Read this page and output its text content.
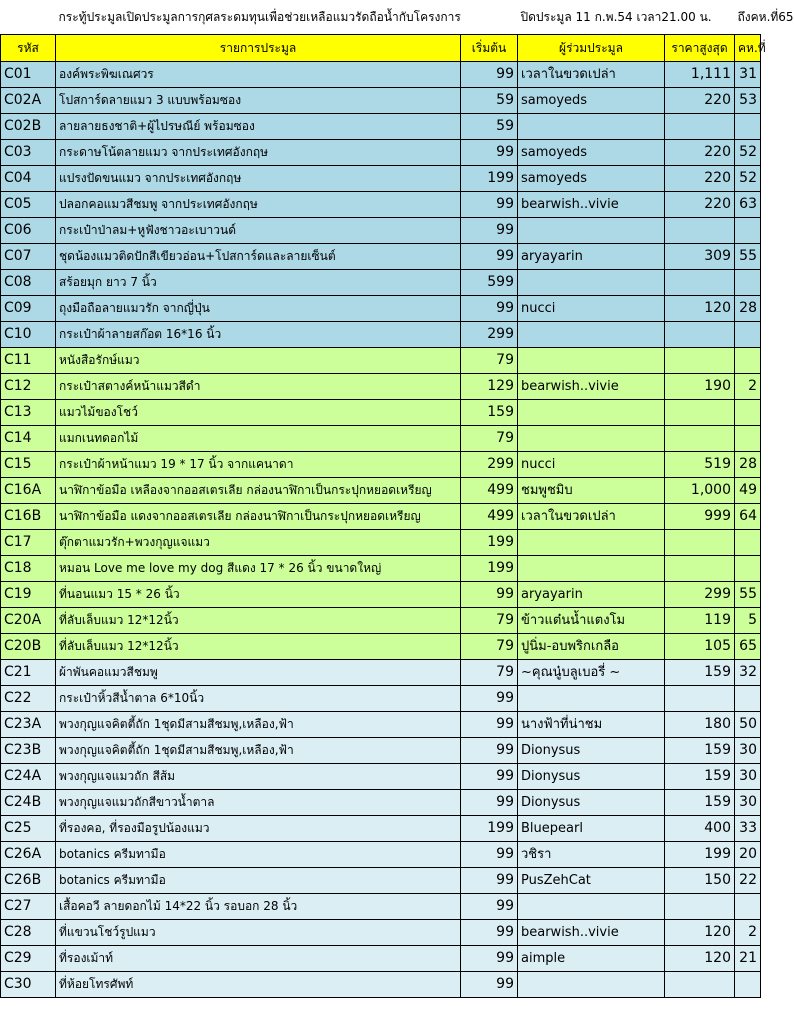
	กระทู้ประมูลเปิดประมูลการกุศลระดมทุนเพื่อช่วยเหลือแมวรัดถือน้ำกับโครงการ		ปิดประมูล 11 ก.พ.54 เวลา21.00 น.		ถึงคห.ที่65
รหัส	รายการประมูล	เริ่มต้น	ผู้ร่วมประมูล	ราคาสูงสุด	คห.ที่
C01	องค์พระพิฆเณศวร	99	เวลาในขวดเปล่า	1,111	31
C02A	โปสการ์ดลายแมว 3 แบบพร้อมซอง	59	samoyeds	220	53
C02B	ลายลายธงชาติ+ผู้ไปรษณีย์ พร้อมซอง	59			
C03	กระดาษโน้ตลายแมว จากประเทศอังกฤษ	99	samoyeds	220	52
C04	แปรงปัดขนแมว จากประเทศอังกฤษ	199	samoyeds	220	52
C05	ปลอกคอแมวสีชมพู จากประเทศอังกฤษ	99	bearwish..vivie	220	63
C06	กระเป๋าป่าลม+หูฟังชาวอะเบาวนด์	99			
C07	ชุดน้องแมวติดปักสีเขียวอ่อน+โปสการ์ดและลายเซ็นต์	99	aryayarin	309	55
C08	สร้อยมุก ยาว 7 นิ้ว	599			
C09	ถุงมือถือลายแมวรัก จากญี่ปุ่น	99	nucci	120	28
C10	กระเป๋าผ้าลายสก๊อต 16*16 นิ้ว	299			
C11	หนังสือรักษ์แมว	79			
C12	กระเป๋าสตางค์หน้าแมวสีดำ	129	bearwish..vivie	190	2
C13	แมวไม้ของโชว์	159			
C14	แมกเนทดอกไม้	79			
C15	กระเป๋าผ้าหน้าแมว 19 * 17 นิ้ว จากแคนาดา	299	nucci	519	28
C16A	นาฬิกาข้อมือ เหลืองจากออสเตรเลีย กล่องนาฬิกาเป็นกระปุกหยอดเหรียญ	499	ชมพูชมิบ	1,000	49
C16B	นาฬิกาข้อมือ แดงจากออสเตรเลีย กล่องนาฬิกาเป็นกระปุกหยอดเหรียญ	499	เวลาในขวดเปล่า	999	64
C17	ตุ๊กตาแมวรัก+พวงกุญแจแมว	199			
C18	หมอน Love me love my dog สีแดง 17 * 26 นิ้ว ขนาดใหญ่	199			
C19	ที่นอนแมว 15 * 26 นิ้ว	99	aryayarin	299	55
C20A	ที่ลับเล็บแมว 12*12นิ้ว	79	ข้าวแต๋นน้ำแตงโม	119	5
C20B	ที่ลับเล็บแมว 12*12นิ้ว	79	ปูนิ่ม-อบพริกเกลือ	105	65
C21	ผ้าพันคอแมวสีชมพู	79	~คุณนู๋บลูเบอรี่ ~	159	32
C22	กระเป๋าหิ้วสีน้ำตาล 6*10นิ้ว	99			
C23A	พวงกุญแจคิตตี้ถัก 1ชุดมีสามสีชมพู,เหลือง,ฟ้า	99	นางฟ้าที่น่าชม	180	50
C23B	พวงกุญแจคิตตี้ถัก 1ชุดมีสามสีชมพู,เหลือง,ฟ้า	99	Dionysus	159	30
C24A	พวงกุญแจแมวถัก สีส้ม	99	Dionysus	159	30
C24B	พวงกุญแจแมวถักสีขาวน้ำตาล	99	Dionysus	159	30
C25	ที่รองคอ, ที่รองมือรูปน้องแมว	199	Bluepearl	400	33
C26A	botanics ครีมทามือ	99	วชิรา	199	20
C26B	botanics ครีมทามือ	99	PusZehCat	150	22
C27	เสื้อคอวี ลายดอกไม้ 14*22 นิ้ว รอบอก 28 นิ้ว	99			
C28	ที่แขวนโชว์รูปแมว	99	bearwish..vivie	120	2
C29	ที่รองเม้าท์	99	aimple	120	21
C30	ที่ห้อยโทรศัพท์	99			
